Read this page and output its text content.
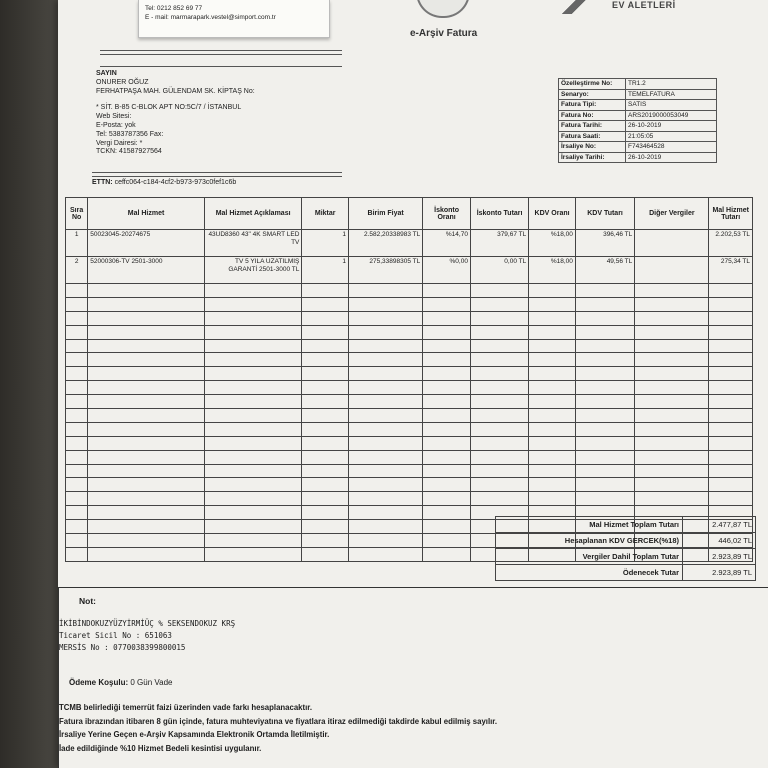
Tel: 0212 852 69 77
E - mail: marmarapark.vestel@simport.com.tr
EV ALETLERİ
e-Arşiv Fatura
SAYIN
ONURER OĞUZ
FERHATPAŞA MAH. GÜLENDAM SK. KİPTAŞ No:
* SİT. B-85 C-BLOK APT NO:5C/7 / İSTANBUL
Web Sitesi:
E-Posta: yok
Tel: 5383787356 Fax:
Vergi Dairesi: *
TCKN: 41587927564
ETTN: ceffc064-c184-4cf2-b973-973c0fef1c6b
Özelleştirme No:	TR1.2
Senaryo:	TEMELFATURA
Fatura Tipi:	SATIS
Fatura No:	ARS2019000053049
Fatura Tarihi:	26-10-2019
Fatura Saati:	21:05:05
İrsaliye No:	F743464528
İrsaliye Tarihi:	26-10-2019
Sıra No	Mal Hizmet	Mal Hizmet Açıklaması	Miktar	Birim Fiyat	İskonto Oranı	İskonto Tutarı	KDV Oranı	KDV Tutarı	Diğer Vergiler	Mal Hizmet Tutarı
1	50023045-20274675	43UD8360 43" 4K SMART LED TV	1	2.582,20338983 TL	%14,70	379,67 TL	%18,00	396,46 TL		2.202,53 TL
2	52000306-TV 2501-3000	TV 5 YILA UZATILMIŞ GARANTİ 2501-3000 TL	1	275,33898305 TL	%0,00	0,00 TL	%18,00	49,56 TL		275,34 TL

Mal Hizmet Toplam Tutarı	2.477,87 TL
Hesaplanan KDV GERCEK(%18)	446,02 TL
Vergiler Dahil Toplam Tutar	2.923,89 TL
Ödenecek Tutar	2.923,89 TL
Not:
İKİBİNDOKUZYÜZYİRMİÜÇ % SEKSENDOKUZ KRŞ
Ticaret Sicil No : 651063
MERSİS No : 0770038399800015
Ödeme Koşulu: 0 Gün Vade
TCMB belirlediği temerrüt faizi üzerinden vade farkı hesaplanacaktır.
Fatura ibrazından itibaren 8 gün içinde, fatura muhteviyatına ve fiyatlara itiraz edilmediği takdirde kabul edilmiş sayılır.
İrsaliye Yerine Geçen e-Arşiv Kapsamında Elektronik Ortamda İletilmiştir.
İade edildiğinde %10 Hizmet Bedeli kesintisi uygulanır.
